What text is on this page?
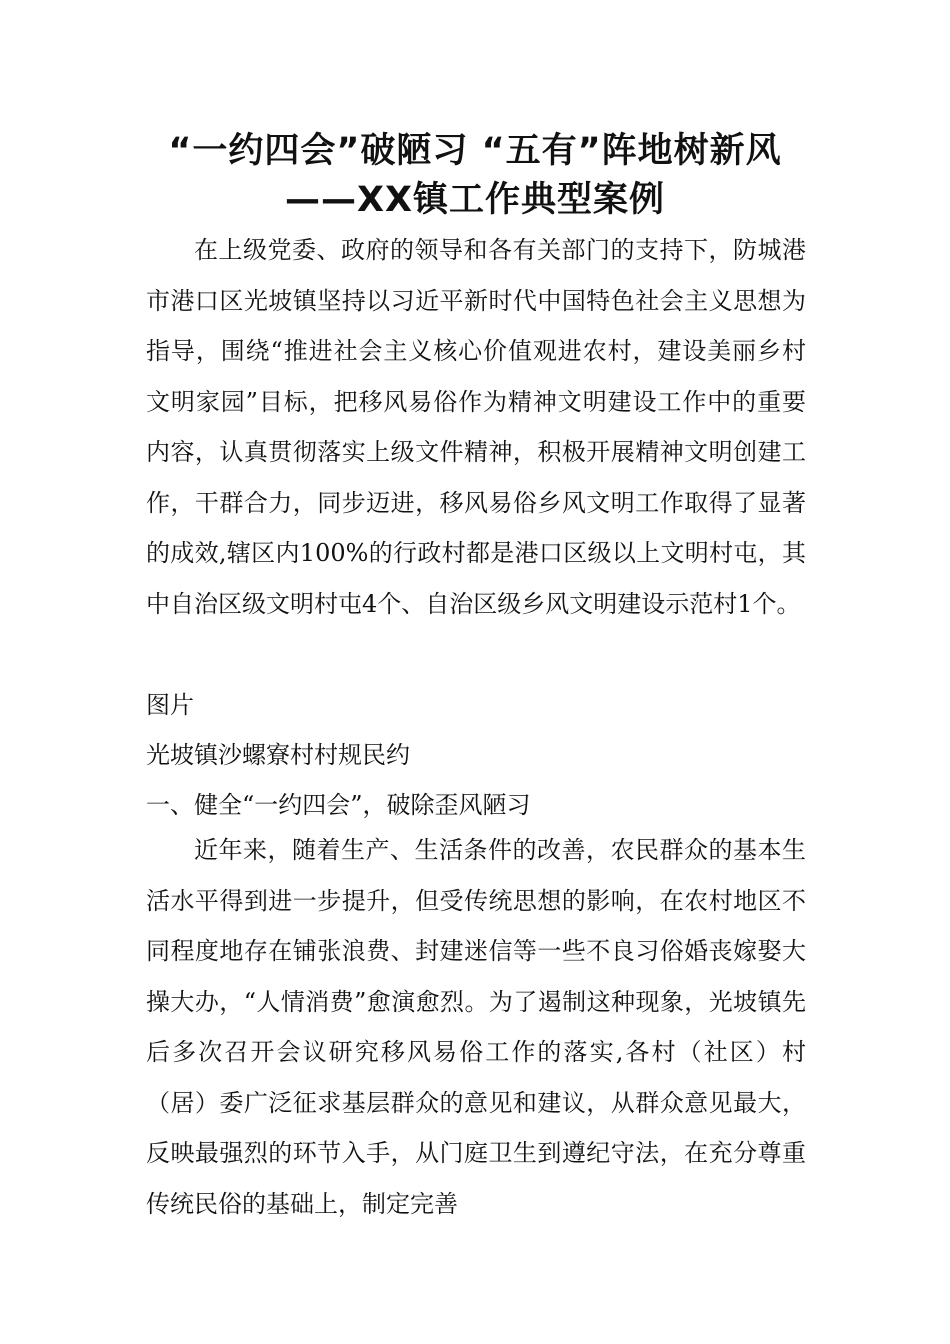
“一约四会”破陋习 “五有”阵地树新风
——XX镇工作典型案例

在上级党委、政府的领导和各有关部门的支持下，防城港市港口区光坡镇坚持以习近平新时代中国特色社会主义思想为指导，围绕“推进社会主义核心价值观进农村，建设美丽乡村文明家园”目标，把移风易俗作为精神文明建设工作中的重要内容，认真贯彻落实上级文件精神，积极开展精神文明创建工作，干群合力，同步迈进，移风易俗乡风文明工作取得了显著的成效,辖区内100%的行政村都是港口区级以上文明村屯，其中自治区级文明村屯4个、自治区级乡风文明建设示范村1个。

图片

光坡镇沙螺寮村村规民约

一、健全“一约四会”，破除歪风陋习

近年来，随着生产、生活条件的改善，农民群众的基本生活水平得到进一步提升，但受传统思想的影响，在农村地区不同程度地存在铺张浪费、封建迷信等一些不良习俗婚丧嫁娶大操大办，“人情消费”愈演愈烈。为了遏制这种现象，光坡镇先后多次召开会议研究移风易俗工作的落实,各村（社区）村（居）委广泛征求基层群众的意见和建议，从群众意见最大，反映最强烈的环节入手，从门庭卫生到遵纪守法，在充分尊重传统民俗的基础上，制定完善
